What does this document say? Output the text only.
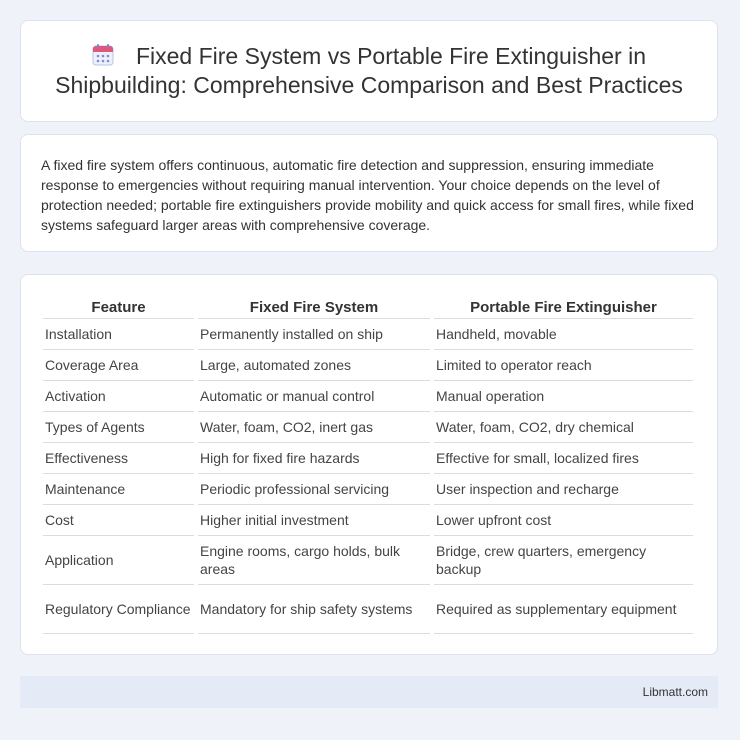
Fixed Fire System vs Portable Fire Extinguisher in Shipbuilding: Comprehensive Comparison and Best Practices

A fixed fire system offers continuous, automatic fire detection and suppression, ensuring immediate response to emergencies without requiring manual intervention. Your choice depends on the level of protection needed; portable fire extinguishers provide mobility and quick access for small fires, while fixed systems safeguard larger areas with comprehensive coverage.

Feature	Fixed Fire System	Portable Fire Extinguisher
Installation	Permanently installed on ship	Handheld, movable
Coverage Area	Large, automated zones	Limited to operator reach
Activation	Automatic or manual control	Manual operation
Types of Agents	Water, foam, CO2, inert gas	Water, foam, CO2, dry chemical
Effectiveness	High for fixed fire hazards	Effective for small, localized fires
Maintenance	Periodic professional servicing	User inspection and recharge
Cost	Higher initial investment	Lower upfront cost
Application	Engine rooms, cargo holds, bulk areas	Bridge, crew quarters, emergency backup
Regulatory Compliance	Mandatory for ship safety systems	Required as supplementary equipment
Libmatt.com
